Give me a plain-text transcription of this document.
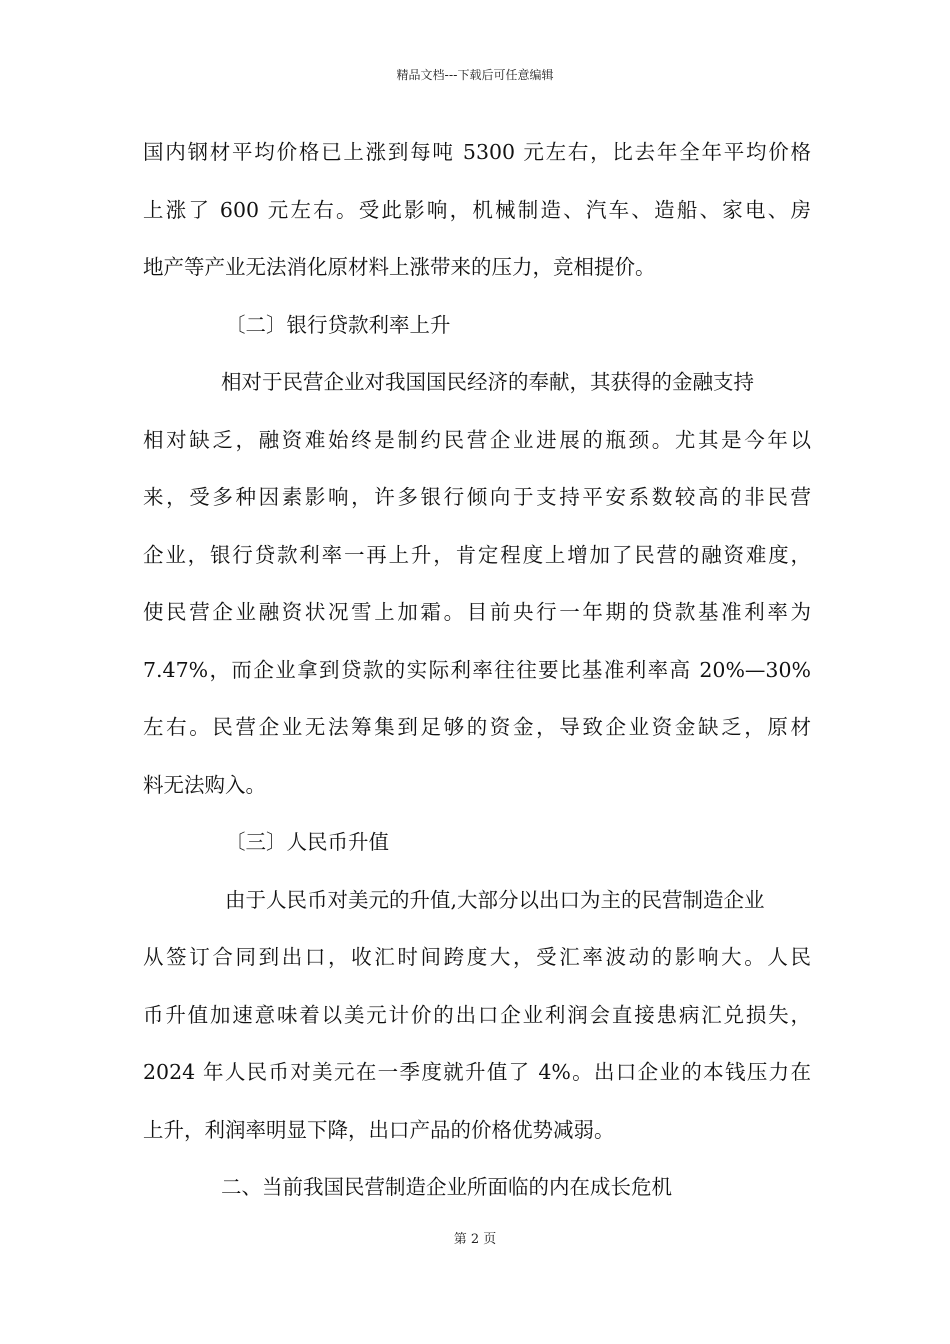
精品文档---下载后可任意编辑
国内钢材平均价格已上涨到每吨 5300 元左右，比去年全年平均价格
上涨了 600 元左右。受此影响，机械制造、汽车、造船、家电、房
地产等产业无法消化原材料上涨带来的压力，竞相提价。
〔二〕银行贷款利率上升
相对于民营企业对我国国民经济的奉献，其获得的金融支持
相对缺乏，融资难始终是制约民营企业进展的瓶颈。尤其是今年以
来，受多种因素影响，许多银行倾向于支持平安系数较高的非民营
企业，银行贷款利率一再上升，肯定程度上增加了民营的融资难度，
使民营企业融资状况雪上加霜。目前央行一年期的贷款基准利率为
7.47%，而企业拿到贷款的实际利率往往要比基准利率高 20%—30%
左右。民营企业无法筹集到足够的资金，导致企业资金缺乏，原材
料无法购入。
〔三〕人民币升值
由于人民币对美元的升值,大部分以出口为主的民营制造企业
从签订合同到出口，收汇时间跨度大，受汇率波动的影响大。人民
币升值加速意味着以美元计价的出口企业利润会直接患病汇兑损失，
2024 年人民币对美元在一季度就升值了 4%。出口企业的本钱压力在
上升，利润率明显下降，出口产品的价格优势减弱。
二、当前我国民营制造企业所面临的内在成长危机
第 2 页
